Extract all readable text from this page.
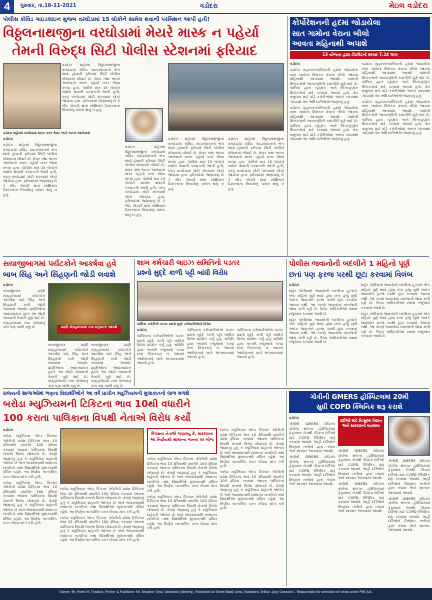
4	ગુરુવાર, તા.18-11-2021	વડોદરા	મેઇલ વડોદરા
પોલીસ કોવિડ ગાઇડલાઇન મુજબ વરઘોડામાં 15 લોકોને સામેલ થવાની પરમિશન આપી હતી!
વિઠ્ઠલનાથજીના વરઘોડામાં મેયરે માસ્ક ન પહેર્યા
તેમની વિરુદ્ધ સિટી પોલીસ સ્ટેશનમાં ફરિયાદ
વડોદરા શહેરમાં વરઘોડામાં માસ્ક વગર મેયર અને અન્ય આગેવાનો

વડોદરા

વડોદરા શહેરમાં વિઠ્ઠલનાથજીના વરઘોડામાં કોવિડ ગાઇડલાઇનનો ભંગ થયો હોવાની ફરિયાદ સિટી પોલીસ સ્ટેશનમાં નોંધાઈ છે. મેયર તથા અન્ય આગેવાનો માસ્ક પહેર્યા વગર જોવા મળ્યા હતા. પોલીસે માત્ર 15 લોકોને સામેલ થવાની પરવાનગી આપી હતી, પરંતુ વરઘોડામાં મોટી સંખ્યામાં લોકો જોડાયા હતા. ફરિયાદમાં જણાવાયું છે કે ભીડ એકઠી થતાં સોશિયલ ડિસ્ટન્સના નિયમોનું પાલન થયું ન હતું.

વડોદરા શહેરમાં વિઠ્ઠલનાથજીના વરઘોડામાં કોવિડ ગાઇડલાઇનનો ભંગ થયો હોવાની ફરિયાદ સિટી પોલીસ સ્ટેશનમાં નોંધાઈ છે. મેયર તથા અન્ય આગેવાનો માસ્ક પહેર્યા વગર જોવા મળ્યા હતા. પોલીસે માત્ર 15 લોકોને સામેલ થવાની પરવાનગી આપી હતી, પરંતુ વરઘોડામાં મોટી સંખ્યામાં લોકો જોડાયા હતા. ફરિયાદમાં જણાવાયું છે કે ભીડ એકઠી થતાં સોશિયલ ડિસ્ટન્સના નિયમોનું પાલન થયું ન હતું.

વડોદરા શહેરમાં વિઠ્ઠલનાથજીના વરઘોડામાં કોવિડ ગાઇડલાઇનનો ભંગ થયો હોવાની ફરિયાદ સિટી પોલીસ સ્ટેશનમાં નોંધાઈ છે. મેયર તથા અન્ય આગેવાનો માસ્ક પહેર્યા વગર જોવા મળ્યા હતા. પોલીસે માત્ર 15 લોકોને સામેલ થવાની પરવાનગી આપી હતી, પરંતુ વરઘોડામાં મોટી સંખ્યામાં લોકો જોડાયા હતા. ફરિયાદમાં જણાવાયું છે કે ભીડ એકઠી થતાં સોશિયલ ડિસ્ટન્સના નિયમોનું પાલન થયું ન હતું.

વડોદરા શહેરમાં વિઠ્ઠલનાથજીના વરઘોડામાં કોવિડ ગાઇડલાઇનનો ભંગ થયો હોવાની ફરિયાદ સિટી પોલીસ સ્ટેશનમાં નોંધાઈ છે. મેયર તથા અન્ય આગેવાનો માસ્ક પહેર્યા વગર જોવા મળ્યા હતા. પોલીસે માત્ર 15 લોકોને સામેલ થવાની પરવાનગી આપી હતી, પરંતુ વરઘોડામાં મોટી સંખ્યામાં લોકો જોડાયા હતા. ફરિયાદમાં જણાવાયું છે કે ભીડ એકઠી થતાં સોશિયલ ડિસ્ટન્સના નિયમોનું પાલન થયું ન હતું.

વડોદરા શહેરમાં વિઠ્ઠલનાથજીના વરઘોડામાં કોવિડ ગાઇડલાઇનનો ભંગ થયો હોવાની ફરિયાદ સિટી પોલીસ સ્ટેશનમાં નોંધાઈ છે. મેયર તથા અન્ય આગેવાનો માસ્ક પહેર્યા વગર જોવા મળ્યા હતા. પોલીસે માત્ર 15 લોકોને સામેલ થવાની પરવાનગી આપી હતી, પરંતુ વરઘોડામાં મોટી સંખ્યામાં લોકો જોડાયા હતા. ફરિયાદમાં જણાવાયું છે કે ભીડ એકઠી થતાં સોશિયલ ડિસ્ટન્સના નિયમોનું પાલન થયું ન હતું.

કોર્પોરેશનની હદમાં જોડાયેલા
સાત ગામોના વેરાના બીલો
આવતા મહિનાથી અપાશે
13 યોજના દ્વારા ટોઇલેટનો સ્વચ્છ 7.24 લાખ

વડોદરા

વડોદરા મહાનગરપાલિકાની હદમાં જોડાયેલા સાત ગામોના મિલકત વેરાના બીલો આવતા મહિનાથી આપવામાં આવશે. ગામોની મિલકતોની આકારણીની કામગીરી પૂર્ણ થઈ છે. પાલિકા દ્વારા રહેણાંક અને બિનરહેણાંક મિલકતોનો સર્વે કરવામાં આવ્યો હતો. વેરા વસૂલાત માટે વોર્ડ કચેરીઓમાં અલગ વ્યવસ્થા ગોઠવાશે તેમ અધિકારીઓએ જણાવ્યું હતું.

વડોદરા મહાનગરપાલિકાની હદમાં જોડાયેલા સાત ગામોના મિલકત વેરાના બીલો આવતા મહિનાથી આપવામાં આવશે. ગામોની મિલકતોની આકારણીની કામગીરી પૂર્ણ થઈ છે. પાલિકા દ્વારા રહેણાંક અને બિનરહેણાંક મિલકતોનો સર્વે કરવામાં આવ્યો હતો. વેરા વસૂલાત માટે વોર્ડ કચેરીઓમાં અલગ વ્યવસ્થા ગોઠવાશે તેમ અધિકારીઓએ જણાવ્યું હતું.

વડોદરા મહાનગરપાલિકાની હદમાં જોડાયેલા સાત ગામોના મિલકત વેરાના બીલો આવતા મહિનાથી આપવામાં આવશે. ગામોની મિલકતોની આકારણીની કામગીરી પૂર્ણ થઈ છે. પાલિકા દ્વારા રહેણાંક અને બિનરહેણાંક મિલકતોનો સર્વે કરવામાં આવ્યો હતો. વેરા વસૂલાત માટે વોર્ડ કચેરીઓમાં અલગ વ્યવસ્થા ગોઠવાશે તેમ અધિકારીઓએ જણાવ્યું હતું.

વડોદરા મહાનગરપાલિકાની હદમાં જોડાયેલા સાત ગામોના મિલકત વેરાના બીલો આવતા મહિનાથી આપવામાં આવશે. ગામોની મિલકતોની આકારણીની કામગીરી પૂર્ણ થઈ છે. પાલિકા દ્વારા રહેણાંક અને બિનરહેણાંક મિલકતોનો સર્વે કરવામાં આવ્યો હતો. વેરા વસૂલાત માટે વોર્ડ કચેરીઓમાં અલગ વ્યવસ્થા ગોઠવાશે તેમ અધિકારીઓએ જણાવ્યું હતું.

સયાજીબાગમાં પર્યટકોને આકર્ષવા હવે
બાબ સિંહ અને સિંહણની જોડી લવાશે

વડોદરા

સયાજીબાગ પ્રાણી સંગ્રહાલયમાં પર્યટકોને આકર્ષવા માટે સિંહ અને સિંહણની નવી જોડી લાવવામાં આવશે. પ્રાણીઓના આદાનપ્રદાન હેઠળ આ જોડી લાવવાની તૈયારી પૂર્ણ થઈ છે. સંગ્રહાલયમાં નવા પાંજરાનું કામ પણ ચાલી રહ્યું છે.	પ્રાણી સંગ્રહાલયમાં નવા મહેમાનો આવશે

સયાજીબાગ પ્રાણી સંગ્રહાલયમાં પર્યટકોને આકર્ષવા માટે સિંહ અને સિંહણની નવી જોડી લાવવામાં આવશે. પ્રાણીઓના આદાનપ્રદાન હેઠળ આ જોડી લાવવાની તૈયારી પૂર્ણ થઈ છે. સંગ્રહાલયમાં નવા પાંજરાનું કામ પણ ચાલી રહ્યું છે.

સયાજીબાગ પ્રાણી સંગ્રહાલયમાં પર્યટકોને આકર્ષવા માટે સિંહ અને સિંહણની નવી જોડી લાવવામાં આવશે. પ્રાણીઓના આદાનપ્રદાન હેઠળ આ જોડી લાવવાની તૈયારી પૂર્ણ થઈ છે. સંગ્રહાલયમાં નવા પાંજરાનું કામ પણ ચાલી રહ્યું છે.

શાખ કર્મચારી લાઇઝ સમિતિનો પડતર
પ્રશ્નો મુદ્દે કાળી પટ્ટી બાંધી વિરોધ
પાલિકા કચેરીએ પડતર પ્રશ્નો મુદ્દે કર્મચારીઓનો વિરોધ

વડોદરા

પાલિકાના કર્મચારીઓએ પડતર પ્રશ્નો મુદ્દે કાળી પટ્ટી બાંધીને વિરોધ પ્રદર્શન કર્યું હતું. સમિતિ દ્વારા અગાઉ રજૂઆતો કરવા છતાં નિરાકરણ ન આવતાં આંદોલનનો માર્ગ અપનાવવામાં આવ્યો હતો.

પાલિકાના કર્મચારીઓએ પડતર પ્રશ્નો મુદ્દે કાળી પટ્ટી બાંધીને વિરોધ પ્રદર્શન કર્યું હતું. સમિતિ દ્વારા અગાઉ રજૂઆતો કરવા છતાં નિરાકરણ ન આવતાં આંદોલનનો માર્ગ અપનાવવામાં આવ્યો હતો.

પાલિકાના કર્મચારીઓએ પડતર પ્રશ્નો મુદ્દે કાળી પટ્ટી બાંધીને વિરોધ પ્રદર્શન કર્યું હતું. સમિતિ દ્વારા અગાઉ રજૂઆતો કરવા છતાં નિરાકરણ ન આવતાં આંદોલનનો માર્ગ અપનાવવામાં આવ્યો હતો.

પોલીસ જવાનોની બદલીને 1 મહિનો પૂર્ણ
છતાં પણ ફરજ પરથી છૂટા કરવામાં વિલંબ

વડોદરા

શહેર પોલીસમાં જવાનોની બદલીના હુકમને એક મહિનો પૂર્ણ થયો હોવા છતાં હજુ સુધી અનેક જવાનોને ફરજ પરથી છૂટા કરવામાં આવ્યા નથી. આ કારણે જવાનોમાં નારાજગી જોવા મળી રહી છે. ઉચ્ચ અધિકારીઓ સમક્ષ રજૂઆત કરવામાં આવી છે.

શહેર પોલીસમાં જવાનોની બદલીના હુકમને એક મહિનો પૂર્ણ થયો હોવા છતાં હજુ સુધી અનેક જવાનોને ફરજ પરથી છૂટા કરવામાં આવ્યા નથી. આ કારણે જવાનોમાં નારાજગી જોવા મળી રહી છે. ઉચ્ચ અધિકારીઓ સમક્ષ રજૂઆત કરવામાં આવી છે.

શહેર પોલીસમાં જવાનોની બદલીના હુકમને એક મહિનો પૂર્ણ થયો હોવા છતાં હજુ સુધી અનેક જવાનોને ફરજ પરથી છૂટા કરવામાં આવ્યા નથી. આ કારણે જવાનોમાં નારાજગી જોવા મળી રહી છે. ઉચ્ચ અધિકારીઓ સમક્ષ રજૂઆત કરવામાં આવી છે.

શહેર પોલીસમાં જવાનોની બદલીના હુકમને એક મહિનો પૂર્ણ થયો હોવા છતાં હજુ સુધી અનેક જવાનોને ફરજ પરથી છૂટા કરવામાં આવ્યા નથી. આ કારણે જવાનોમાં નારાજગી જોવા મળી રહી છે. ઉચ્ચ અધિકારીઓ સમક્ષ રજૂઆત કરવામાં આવી છે.

રાજ્યની શાળાઓમાં ભણતા વિદ્યાર્થીઓને આ વર્ષે પ્રાચીન મ્યુઝિયમની મુલાકાતનો લાભ મળશે
બરોડા મ્યુઝિયમની ટિકિટના ભાવ 10થી વધારીને
100 કરાતા પાલિકાના વિપક્ષી નેતાએ વિરોધ કર્યો

વડોદરા

બરોડા મ્યુઝિયમ એન્ડ પિક્ચર ગેલેરીની પ્રવેશ ટિકિટના ભાવ 10 રૂપિયાથી વધારીને 100 રૂપિયા કરવામાં આવતા પાલિકાના વિપક્ષી નેતાએ વિરોધ નોંધાવ્યો છે. તેમણે જણાવ્યું હતું કે મ્યુઝિયમ શહેરની ઓળખ છે અને ભાવવધારાથી સામાન્ય નાગરિકો તથા વિદ્યાર્થીઓ મુલાકાતથી વંચિત રહેશે. આ નિર્ણય તાત્કાલિક પરત ખેંચવા માંગ કરી હતી.

બરોડા મ્યુઝિયમ એન્ડ પિક્ચર ગેલેરીની પ્રવેશ ટિકિટના ભાવ 10 રૂપિયાથી વધારીને 100 રૂપિયા કરવામાં આવતા પાલિકાના વિપક્ષી નેતાએ વિરોધ નોંધાવ્યો છે. તેમણે જણાવ્યું હતું કે મ્યુઝિયમ શહેરની ઓળખ છે અને ભાવવધારાથી સામાન્ય નાગરિકો તથા વિદ્યાર્થીઓ મુલાકાતથી વંચિત રહેશે. આ નિર્ણય તાત્કાલિક પરત ખેંચવા માંગ કરી હતી.

બરોડા મ્યુઝિયમ એન્ડ પિક્ચર ગેલેરીની પ્રવેશ ટિકિટના ભાવ 10 રૂપિયાથી વધારીને 100 રૂપિયા કરવામાં આવતા પાલિકાના વિપક્ષી નેતાએ વિરોધ નોંધાવ્યો છે. તેમણે જણાવ્યું હતું કે મ્યુઝિયમ શહેરની ઓળખ છે અને ભાવવધારાથી સામાન્ય નાગરિકો તથા વિદ્યાર્થીઓ મુલાકાતથી વંચિત રહેશે. આ નિર્ણય તાત્કાલિક પરત ખેંચવા માંગ કરી હતી.

બરોડા મ્યુઝિયમ એન્ડ પિક્ચર ગેલેરીની પ્રવેશ ટિકિટના ભાવ 10 રૂપિયાથી વધારીને 100 રૂપિયા કરવામાં આવતા પાલિકાના વિપક્ષી નેતાએ વિરોધ નોંધાવ્યો છે. તેમણે જણાવ્યું હતું કે મ્યુઝિયમ શહેરની ઓળખ છે અને ભાવવધારાથી સામાન્ય નાગરિકો તથા વિદ્યાર્થીઓ મુલાકાતથી વંચિત રહેશે. આ નિર્ણય તાત્કાલિક પરત ખેંચવા માંગ કરી હતી.

વિપક્ષના નેતાએ જણાવ્યું કે, સરકારના આ નિર્ણયથી સામાન્ય જનતા પર બોજ

બરોડા મ્યુઝિયમ એન્ડ પિક્ચર ગેલેરીની પ્રવેશ ટિકિટના ભાવ 10 રૂપિયાથી વધારીને 100 રૂપિયા કરવામાં આવતા પાલિકાના વિપક્ષી નેતાએ વિરોધ નોંધાવ્યો છે. તેમણે જણાવ્યું હતું કે મ્યુઝિયમ શહેરની ઓળખ છે અને ભાવવધારાથી સામાન્ય નાગરિકો તથા વિદ્યાર્થીઓ મુલાકાતથી વંચિત રહેશે. આ નિર્ણય તાત્કાલિક પરત ખેંચવા માંગ કરી હતી.

બરોડા મ્યુઝિયમ એન્ડ પિક્ચર ગેલેરીની પ્રવેશ ટિકિટના ભાવ 10 રૂપિયાથી વધારીને 100 રૂપિયા કરવામાં આવતા પાલિકાના વિપક્ષી નેતાએ વિરોધ નોંધાવ્યો છે. તેમણે જણાવ્યું હતું કે મ્યુઝિયમ શહેરની ઓળખ છે અને ભાવવધારાથી સામાન્ય નાગરિકો તથા વિદ્યાર્થીઓ મુલાકાતથી વંચિત રહેશે. આ નિર્ણય તાત્કાલિક પરત ખેંચવા માંગ કરી હતી.

બરોડા મ્યુઝિયમ એન્ડ પિક્ચર ગેલેરીની પ્રવેશ ટિકિટના ભાવ 10 રૂપિયાથી વધારીને 100 રૂપિયા કરવામાં આવતા પાલિકાના વિપક્ષી નેતાએ વિરોધ નોંધાવ્યો છે. તેમણે જણાવ્યું હતું કે મ્યુઝિયમ શહેરની ઓળખ છે અને ભાવવધારાથી સામાન્ય નાગરિકો તથા વિદ્યાર્થીઓ મુલાકાતથી વંચિત રહેશે. આ નિર્ણય તાત્કાલિક પરત ખેંચવા માંગ કરી હતી.

બરોડા મ્યુઝિયમ એન્ડ પિક્ચર ગેલેરીની પ્રવેશ ટિકિટના ભાવ 10 રૂપિયાથી વધારીને 100 રૂપિયા કરવામાં આવતા પાલિકાના વિપક્ષી નેતાએ વિરોધ નોંધાવ્યો છે. તેમણે જણાવ્યું હતું કે મ્યુઝિયમ શહેરની ઓળખ છે અને ભાવવધારાથી સામાન્ય નાગરિકો તથા વિદ્યાર્થીઓ મુલાકાતથી વંચિત રહેશે. આ નિર્ણય તાત્કાલિક પરત ખેંચવા માંગ કરી હતી.

ગોત્રીની GMERS હોસ્પિટલમાં 20મી
સુધી COPD ક્લિનિક શરૂ કરાશે

વડોદરા

ગોત્રીની GMERS મેડિકલ કોલેજ સંલગ્ન હોસ્પિટલમાં ફેફસાના રોગથી પીડાતા દર્દીઓ માટે COPD ક્લિનિક શરૂ કરવામાં આવશે. અહીં દર્દીઓને નિષ્ણાત તબીબો દ્વારા તપાસ અને સારવાર આપવામાં આવશે.

ગોત્રીની GMERS મેડિકલ કોલેજ સંલગ્ન હોસ્પિટલમાં ફેફસાના રોગથી પીડાતા દર્દીઓ માટે COPD ક્લિનિક શરૂ કરવામાં આવશે. અહીં દર્દીઓને નિષ્ણાત તબીબો દ્વારા તપાસ અને સારવાર આપવામાં આવશે.

દર્દીઓ માટે નિઃશુલ્ક નિદાન અને સારવારની વ્યવસ્થા

ગોત્રીની GMERS મેડિકલ કોલેજ સંલગ્ન હોસ્પિટલમાં ફેફસાના રોગથી પીડાતા દર્દીઓ માટે COPD ક્લિનિક શરૂ કરવામાં આવશે. અહીં દર્દીઓને નિષ્ણાત તબીબો દ્વારા તપાસ અને સારવાર આપવામાં આવશે.

ગોત્રીની GMERS મેડિકલ કોલેજ સંલગ્ન હોસ્પિટલમાં ફેફસાના રોગથી પીડાતા દર્દીઓ માટે COPD ક્લિનિક શરૂ કરવામાં આવશે. અહીં દર્દીઓને નિષ્ણાત તબીબો દ્વારા તપાસ અને સારવાર આપવામાં આવશે.

ગોત્રીની GMERS મેડિકલ કોલેજ સંલગ્ન હોસ્પિટલમાં ફેફસાના રોગથી પીડાતા દર્દીઓ માટે COPD ક્લિનિક શરૂ કરવામાં આવશે. અહીં દર્દીઓને નિષ્ણાત તબીબો દ્વારા તપાસ અને સારવાર આપવામાં આવશે.

ગોત્રીની GMERS મેડિકલ કોલેજ સંલગ્ન હોસ્પિટલમાં ફેફસાના રોગથી પીડાતા દર્દીઓ માટે COPD ક્લિનિક શરૂ કરવામાં આવશે. અહીં દર્દીઓને નિષ્ણાત તબીબો દ્વારા તપાસ અને સારવાર આપવામાં આવશે.

Owner: Mr. Parth M. Thakkar, Printer & Publisher: Mr. Bhaskar Ojha, Vadodara (Weekly), Published at Shree Balaji Area, Vadodara. Editor: Ajay Goswami - Responsible for selection of news under PRB Act.
